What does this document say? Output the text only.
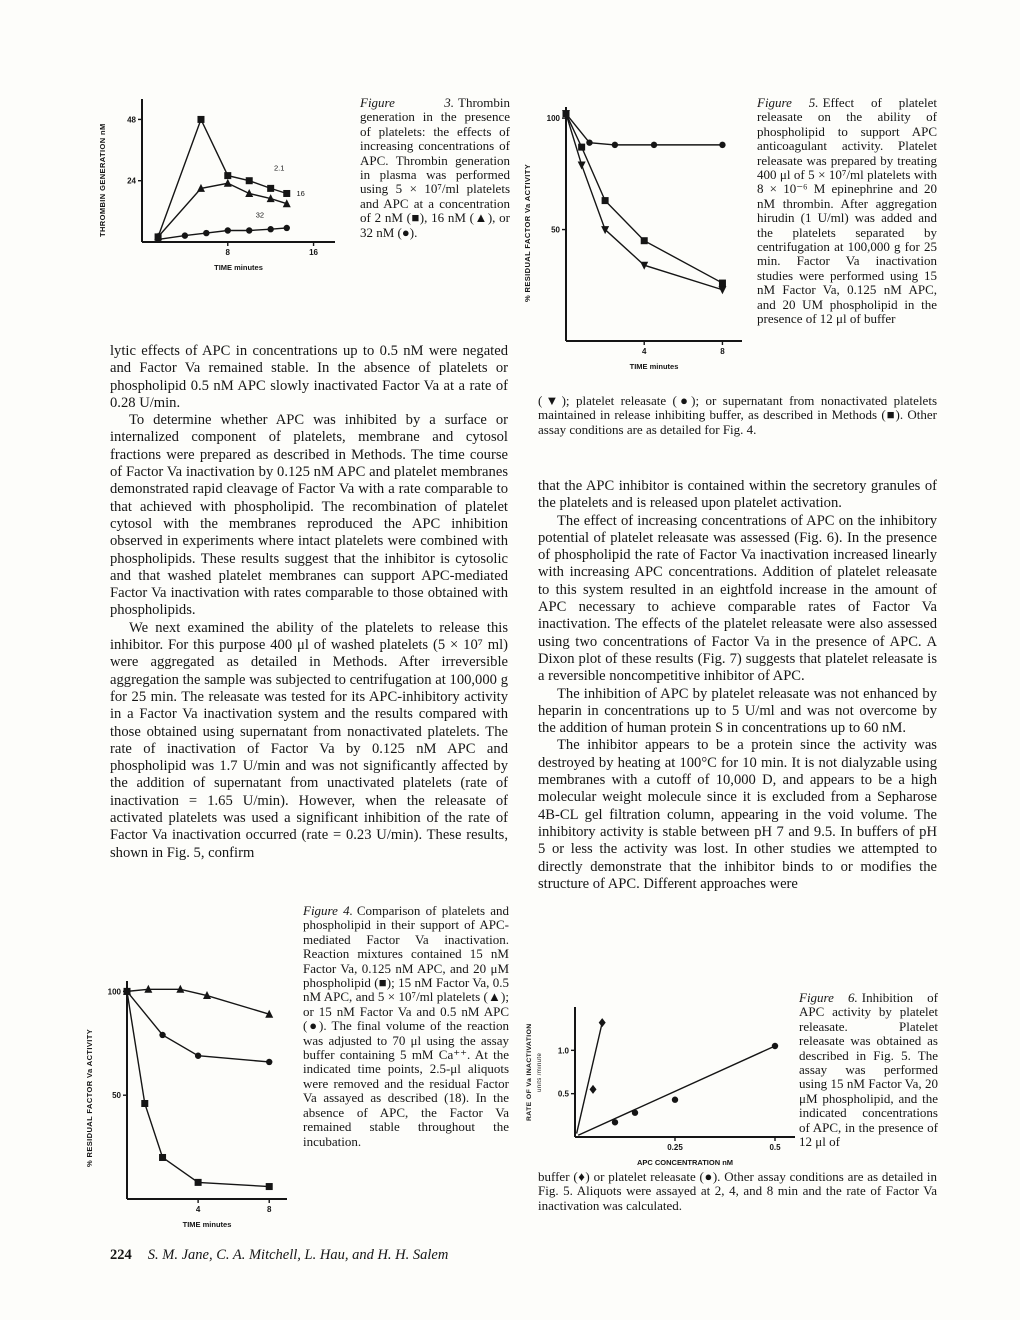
THROMBIN GENERATION nM	24
48
8	16
TIME minutes
2.1
16
32
Figure 3. Thrombin generation in the presence of platelets: the effects of increasing concentrations of APC. Thrombin generation in plasma was performed using 5 × 10⁷/ml platelets and APC at a concentration of 2 nM (■), 16 nM (▲), or 32 nM (●).	% RESIDUAL FACTOR Va ACTIVITY 50
100
4	8
TIME minutes
Figure 5. Effect of platelet releasate on the ability of phospholipid to support APC anticoagulant activity. Platelet releasate was prepared by treating 400 μl of 5 × 10⁷/ml platelets with 8 × 10⁻⁶ M epinephrine and 20 nM thrombin. After aggregation hirudin (1 U/ml) was added and the platelets separated by centrifugation at 100,000 g for 25 min. Factor Va inactivation studies were performed using 15 nM Factor Va, 0.125 nM APC, and 20 UM phospholipid in the presence of 12 μl of buffer
(▼); platelet releasate (●); or supernatant from nonactivated platelets maintained in release inhibiting buffer, as described in Methods (■). Other assay conditions are as detailed for Fig. 4.

lytic effects of APC in concentrations up to 0.5 nM were negated and Factor Va remained stable. In the absence of platelets or phospholipid 0.5 nM APC slowly inactivated Factor Va at a rate of 0.28 U/min.

To determine whether APC was inhibited by a surface or internalized component of platelets, membrane and cytosol fractions were prepared as described in Methods. The time course of Factor Va inactivation by 0.125 nM APC and platelet membranes demonstrated rapid cleavage of Factor Va with a rate comparable to that achieved with phospholipid. The recombination of platelet cytosol with the membranes reproduced the APC inhibition observed in experiments where intact platelets were combined with phospholipids. These results suggest that the inhibitor is cytosolic and that washed platelet membranes can support APC-mediated Factor Va inactivation with rates comparable to those obtained with phospholipids.

We next examined the ability of the platelets to release this inhibitor. For this purpose 400 μl of washed platelets (5 × 10⁷ ml) were aggregated as detailed in Methods. After irreversible aggregation the sample was subjected to centrifugation at 100,000 g for 25 min. The releasate was tested for its APC-inhibitory activity in a Factor Va inactivation system and the results compared with those obtained using supernatant from nonactivated platelets. The rate of inactivation of Factor Va by 0.125 nM APC and phospholipid was 1.7 U/min and was not significantly affected by the addition of supernatant from unactivated platelets (rate of inactivation = 1.65 U/min). However, when the releasate of activated platelets was used a significant inhibition of the rate of Factor Va inactivation occurred (rate = 0.23 U/min). These results, shown in Fig. 5, confirm

that the APC inhibitor is contained within the secretory granules of the platelets and is released upon platelet activation.

The effect of increasing concentrations of APC on the inhibitory potential of platelet releasate was assessed (Fig. 6). In the presence of phospholipid the rate of Factor Va inactivation increased linearly with increasing APC concentrations. Addition of platelet releasate to this system resulted in an eightfold increase in the amount of APC necessary to achieve comparable rates of Factor Va inactivation. The effects of the platelet releasate were also assessed using two concentrations of Factor Va in the presence of APC. A Dixon plot of these results (Fig. 7) suggests that platelet releasate is a reversible noncompetitive inhibitor of APC.

The inhibition of APC by platelet releasate was not enhanced by heparin in concentrations up to 5 U/ml and was not overcome by the addition of human protein S in concentrations up to 60 nM.

The inhibitor appears to be a protein since the activity was destroyed by heating at 100°C for 10 min. It is not dialyzable using membranes with a cutoff of 10,000 D, and appears to be a high molecular weight molecule since it is excluded from a Sepharose 4B-CL gel filtration column, appearing in the void volume. The inhibitory activity is stable between pH 7 and 9.5. In buffers of pH 5 or less the activity was lost. In other studies we attempted to directly demonstrate that the inhibitor binds to or modifies the structure of APC. Different approaches were

Figure 4. Comparison of platelets and phospholipid in their support of APC-mediated Factor Va inactivation. Reaction mixtures contained 15 nM Factor Va, 0.125 nM APC, and 20 μM phospholipid (■); 15 nM Factor Va, 0.5 nM APC, and 5 × 10⁷/ml platelets (▲); or 15 nM Factor Va and 0.5 nM APC (●). The final volume of the reaction was adjusted to 70 μl using the assay buffer containing 5 mM Ca⁺⁺. At the indicated time points, 2.5-μl aliquots were removed and the residual Factor Va assayed as described (18). In the absence of APC, the Factor Va remained stable throughout the incubation.
% RESIDUAL FACTOR Va ACTIVITY 50
100
4	8
TIME minutes
RATE OF Va INACTIVATION units /minute
0.5
1.0
0.25	0.5
APC CONCENTRATION nM
Figure 6. Inhibition of APC activity by platelet releasate. Platelet releasate was obtained as described in Fig. 5. The assay was performed using 15 nM Factor Va, 20 μM phospholipid, and the indicated concentrations of APC, in the presence of 12 μl of
buffer (♦) or platelet releasate (●). Other assay conditions are as detailed in Fig. 5. Aliquots were assayed at 2, 4, and 8 min and the rate of Factor Va inactivation was calculated.
224 S. M. Jane, C. A. Mitchell, L. Hau, and H. H. Salem
